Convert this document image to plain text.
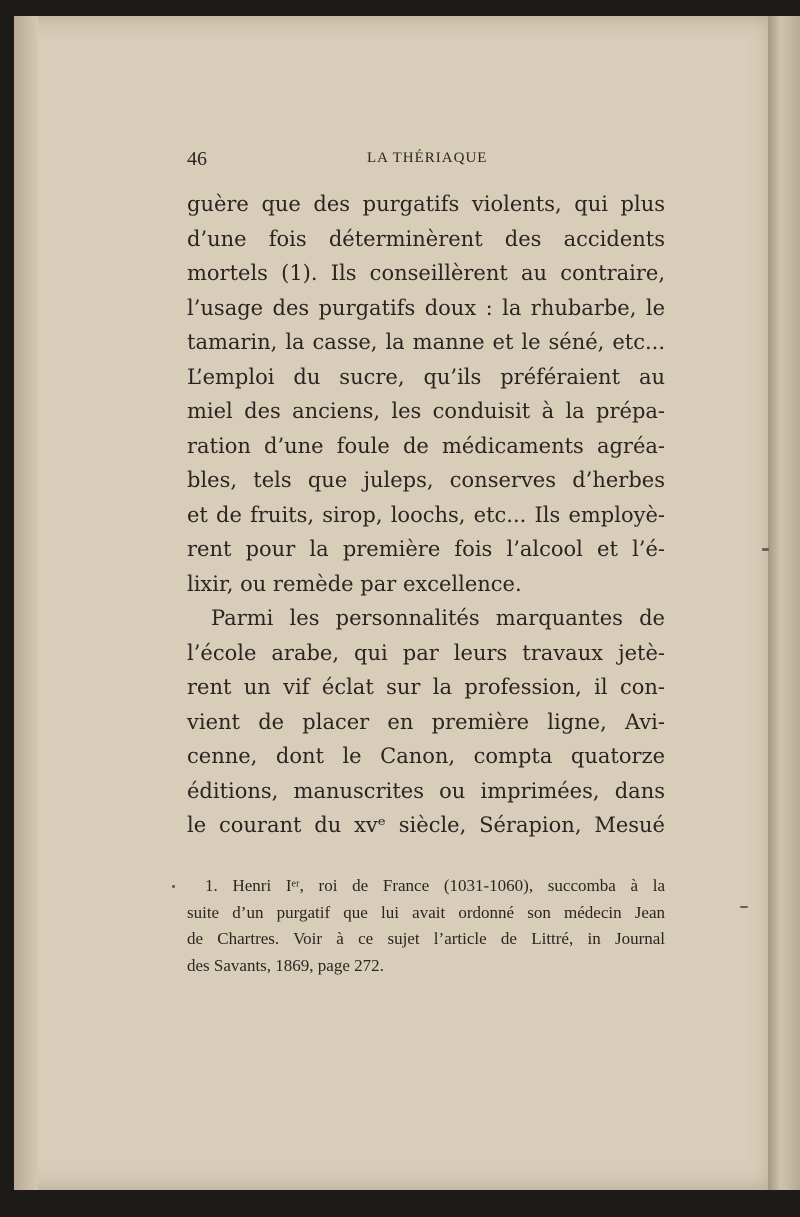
46	LA THÉRIAQUE
guère que des purgatifs violents, qui plus
d’une fois déterminèrent des accidents
mortels (1). Ils conseillèrent au contraire,
l’usage des purgatifs doux : la rhubarbe, le
tamarin, la casse, la manne et le séné, etc...
L’emploi du sucre, qu’ils préféraient au
miel des anciens, les conduisit à la prépa-
ration d’une foule de médicaments agréa-
bles, tels que juleps, conserves d’herbes
et de fruits, sirop, loochs, etc... Ils employè-
rent pour la première fois l’alcool et l’é-
lixir, ou remède par excellence.
Parmi les personnalités marquantes de
l’école arabe, qui par leurs travaux jetè-
rent un vif éclat sur la profession, il con-
vient de placer en première ligne, Avi-
cenne, dont le Canon, compta quatorze
éditions, manuscrites ou imprimées, dans
le courant du xvᵉ siècle, Sérapion, Mesué
1. Henri Iᵉʳ, roi de France (1031-1060), succomba à la
suite d’un purgatif que lui avait ordonné son médecin Jean
de Chartres. Voir à ce sujet l’article de Littré, in Journal
des Savants, 1869, page 272.
